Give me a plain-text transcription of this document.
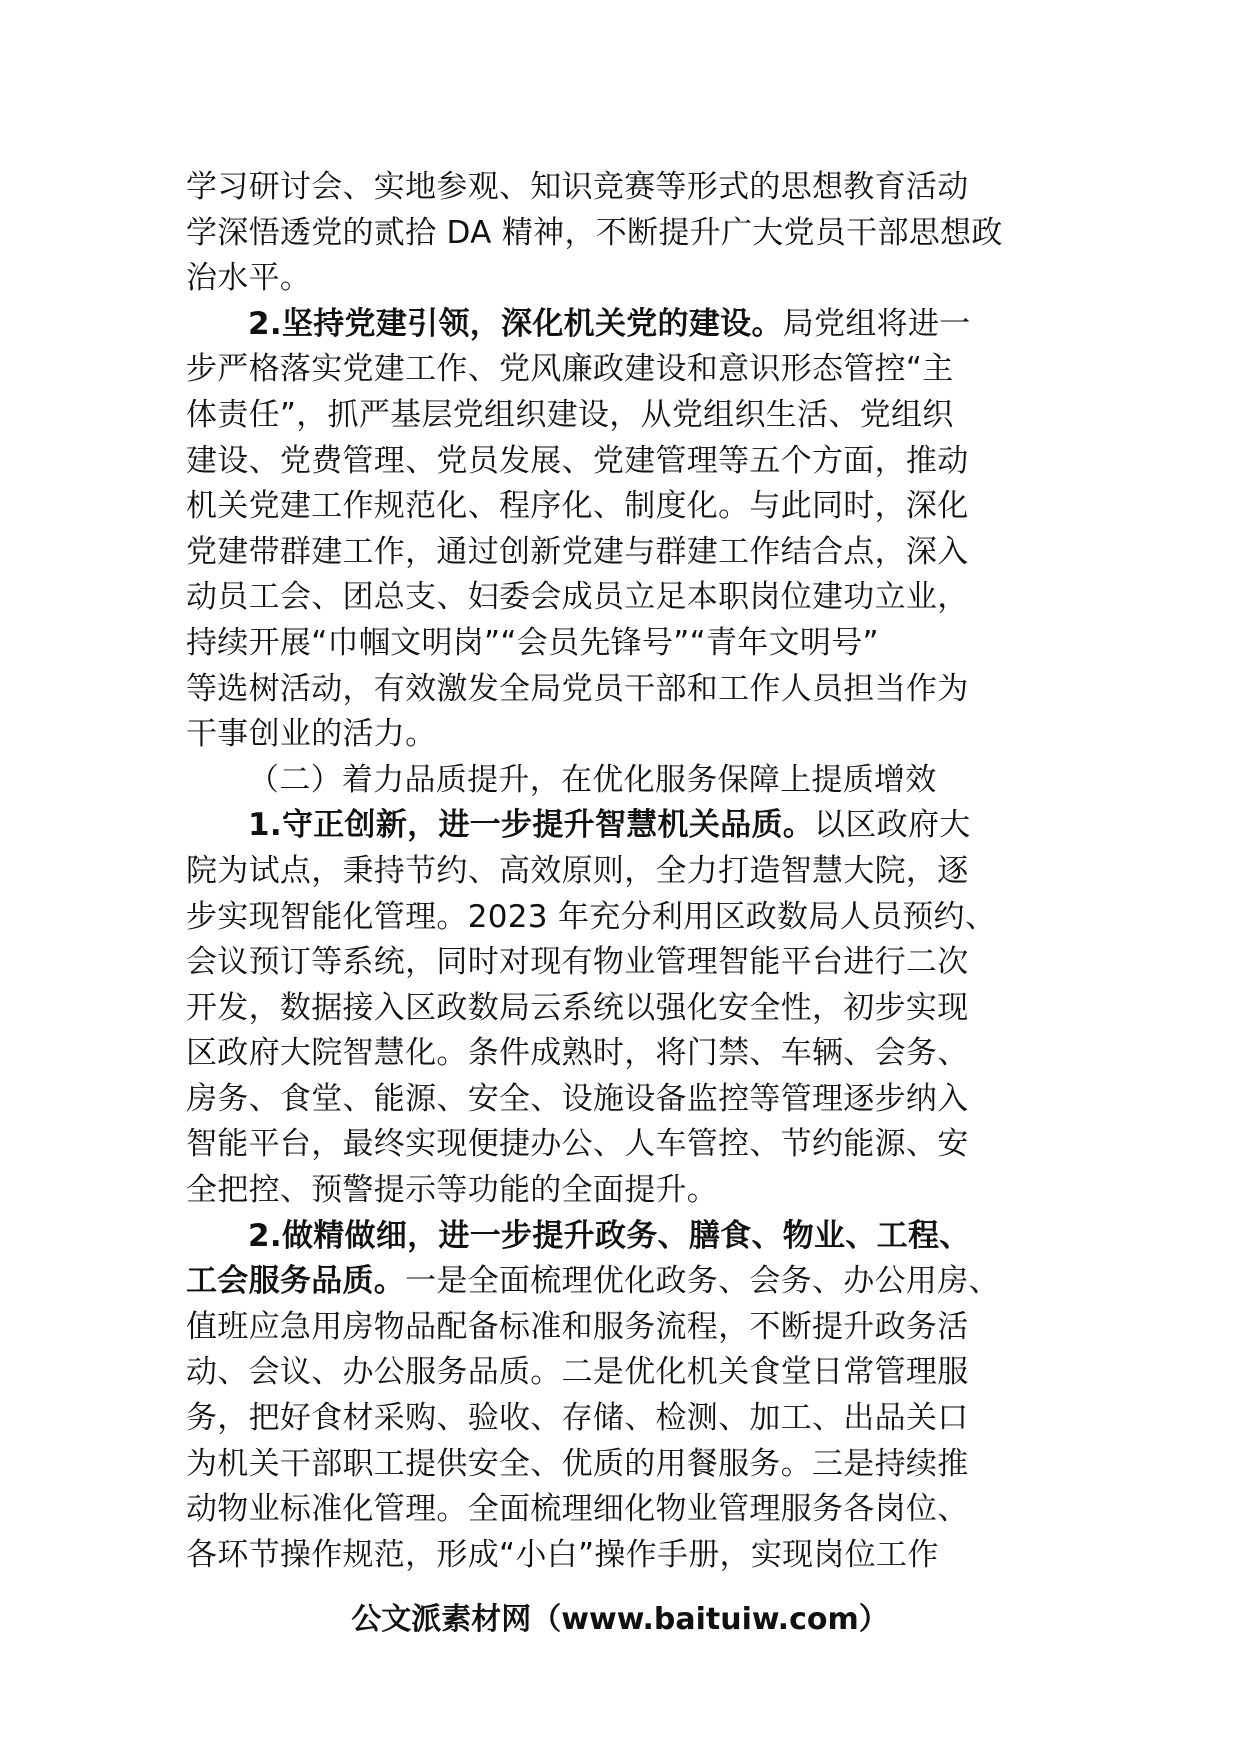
学习研讨会、实地参观、知识竞赛等形式的思想教育活动
学深悟透党的贰拾 DA 精神，不断提升广大党员干部思想政
治水平。
2.坚持党建引领，深化机关党的建设。局党组将进一
步严格落实党建工作、党风廉政建设和意识形态管控“主
体责任”，抓严基层党组织建设，从党组织生活、党组织
建设、党费管理、党员发展、党建管理等五个方面，推动
机关党建工作规范化、程序化、制度化。与此同时，深化
党建带群建工作，通过创新党建与群建工作结合点，深入
动员工会、团总支、妇委会成员立足本职岗位建功立业，
持续开展“巾帼文明岗”“会员先锋号”“青年文明号”
等选树活动，有效激发全局党员干部和工作人员担当作为
干事创业的活力。
（二）着力品质提升，在优化服务保障上提质增效
1.守正创新，进一步提升智慧机关品质。以区政府大
院为试点，秉持节约、高效原则，全力打造智慧大院，逐
步实现智能化管理。2023 年充分利用区政数局人员预约、
会议预订等系统，同时对现有物业管理智能平台进行二次
开发，数据接入区政数局云系统以强化安全性，初步实现
区政府大院智慧化。条件成熟时，将门禁、车辆、会务、
房务、食堂、能源、安全、设施设备监控等管理逐步纳入
智能平台，最终实现便捷办公、人车管控、节约能源、安
全把控、预警提示等功能的全面提升。
2.做精做细，进一步提升政务、膳食、物业、工程、
工会服务品质。一是全面梳理优化政务、会务、办公用房、
值班应急用房物品配备标准和服务流程，不断提升政务活
动、会议、办公服务品质。二是优化机关食堂日常管理服
务，把好食材采购、验收、存储、检测、加工、出品关口
为机关干部职工提供安全、优质的用餐服务。三是持续推
动物业标准化管理。全面梳理细化物业管理服务各岗位、
各环节操作规范，形成“小白”操作手册，实现岗位工作
公文派素材网（www.baituiw.com）
